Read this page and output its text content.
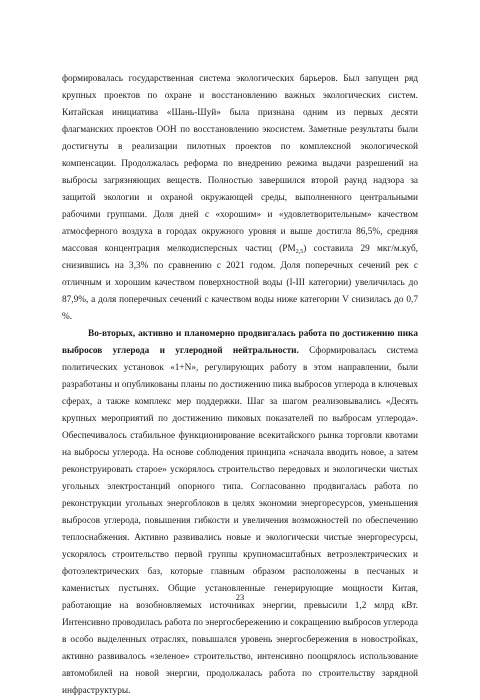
формировалась государственная система экологических барьеров. Был запущен ряд крупных проектов по охране и восстановлению важных экологических систем. Китайская инициатива «Шань-Шуй» была признана одним из первых десяти флагманских проектов ООН по восстановлению экосистем. Заметные результаты были достигнуты в реализации пилотных проектов по комплексной экологической компенсации. Продолжалась реформа по внедрению режима выдачи разрешений на выбросы загрязняющих веществ. Полностью завершился второй раунд надзора за защитой экологии и охраной окружающей среды, выполненного центральными рабочими группами. Доля дней с «хорошим» и «удовлетворительным» качеством атмосферного воздуха в городах окружного уровня и выше достигла 86,5%, средняя массовая концентрация мелкодисперсных частиц $(PM_{2,5})$ составила 29 мкг/м.куб, снизившись на 3,3% по сравнению с 2021 годом. Доля поперечных сечений рек с отличным и хорошим качеством поверхностной воды (I-III категории) увеличилась до 87,9%, а доля поперечных сечений с качеством воды ниже категории V снизилась до 0,7 %.

Во-вторых, активно и планомерно продвигалась работа по достижению пика выбросов углерода и углеродной нейтральности. Сформировалась система политических установок «1+N», регулирующих работу в этом направлении, были разработаны и опубликованы планы по достижению пика выбросов углерода в ключевых сферах, а также комплекс мер поддержки. Шаг за шагом реализовывались «Десять крупных мероприятий по достижению пиковых показателей по выбросам углерода». Обеспечивалось стабильное функционирование всекитайского рынка торговли квотами на выбросы углерода. На основе соблюдения принципа «сначала вводить новое, а затем реконструировать старое» ускорялось строительство передовых и экологически чистых угольных электростанций опорного типа. Согласованно продвигалась работа по реконструкции угольных энергоблоков в целях экономии энергоресурсов, уменьшения выбросов углерода, повышения гибкости и увеличения возможностей по обеспечению теплоснабжения. Активно развивались новые и экологически чистые энергоресурсы, ускорялось строительство первой группы крупномасштабных ветроэлектрических и фотоэлектрических баз, которые главным образом расположены в песчаных и каменистых пустынях. Общие установленные генерирующие мощности Китая, работающие на возобновляемых источниках энергии, превысили 1,2 млрд кВт. Интенсивно проводилась работа по энергосбережению и сокращению выбросов углерода в особо выделенных отраслях, повышался уровень энергосбережения в новостройках, активно развивалось «зеленое» строительство, интенсивно поощрялось использование автомобилей на новой энергии, продолжалась работа по строительству зарядной инфраструктуры.

23
